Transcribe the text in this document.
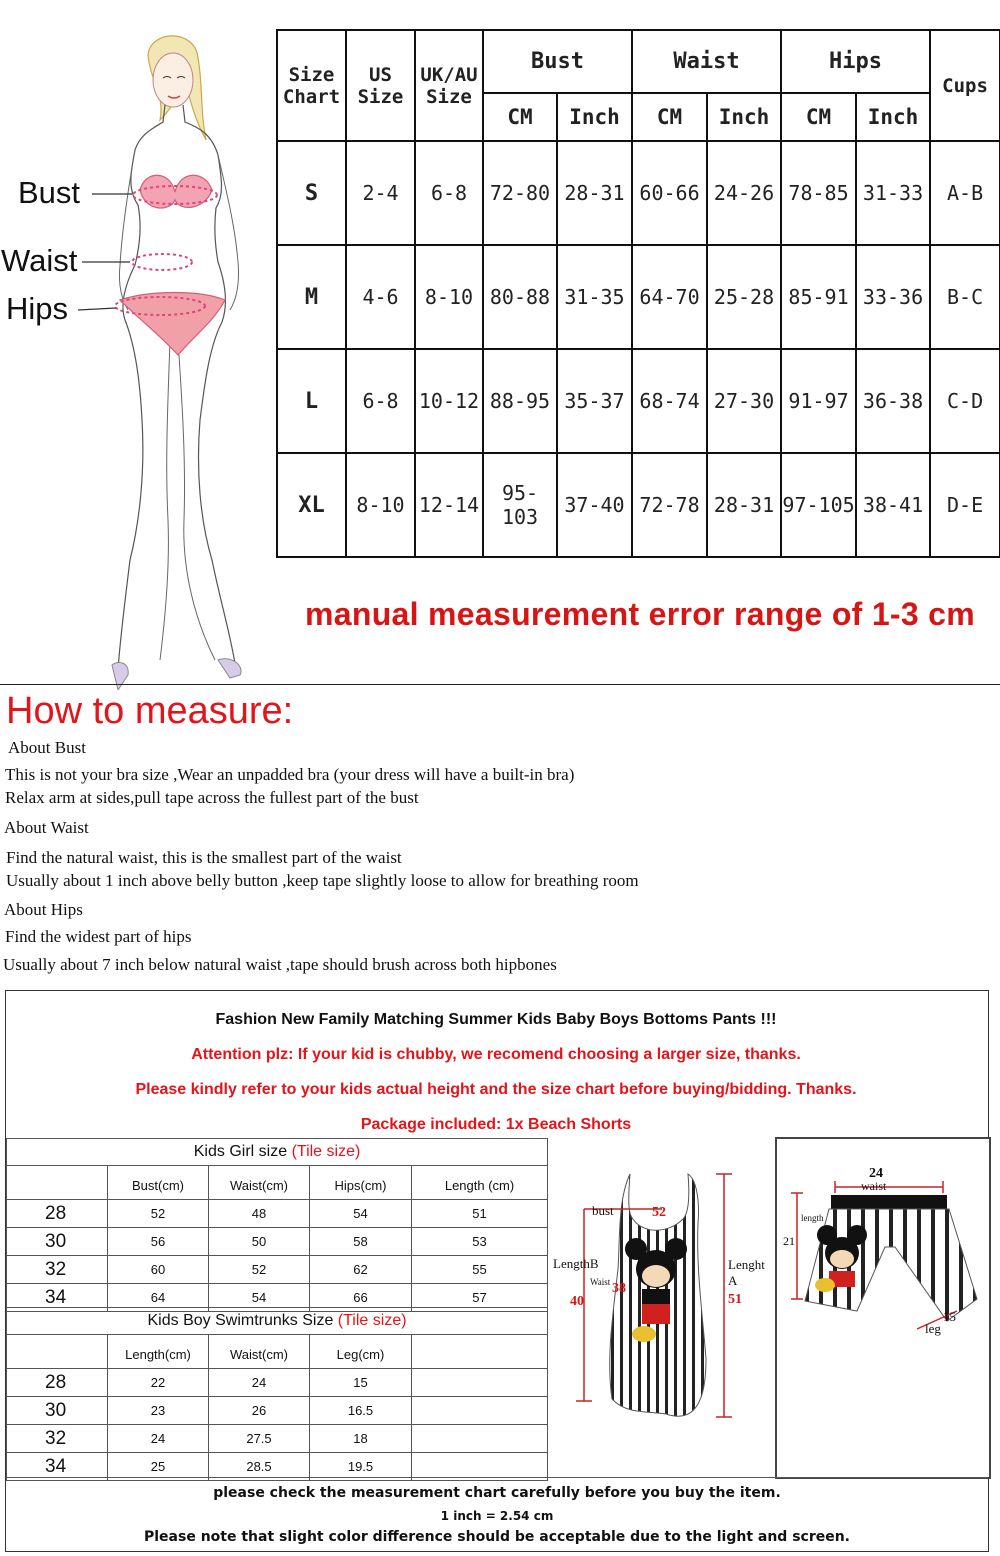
Bust
Waist
Hips
Size Chart	US Size	UK/AU Size	Bust		Waist		Hips		Cups
			CM	Inch	CM	Inch	CM	Inch	
S	2-4	6-8	72-80	28-31	60-66	24-26	78-85	31-33	A-B
M	4-6	8-10	80-88	31-35	64-70	25-28	85-91	33-36	B-C
L	6-8	10-12	88-95	35-37	68-74	27-30	91-97	36-38	C-D
XL	8-10	12-14	95-103	37-40	72-78	28-31	97-105	38-41	D-E
manual measurement error range of 1-3 cm
How to measure:
About Bust
This is not your bra size ,Wear an unpadded bra (your dress will have a built-in bra)
Relax arm at sides,pull tape across the fullest part of the bust
About Waist
Find the natural waist, this is the smallest part of the waist
Usually about 1 inch above belly button ,keep tape slightly loose to allow for breathing room
About Hips
Find the widest part of hips
Usually about 7 inch below natural waist ,tape should brush across both hipbones
Fashion New Family Matching Summer Kids Baby Boys Bottoms Pants !!!
Attention plz: If your kid is chubby, we recomend choosing a larger size, thanks.
Please kindly refer to your kids actual height and the size chart before buying/bidding. Thanks.
Package included: 1x Beach Shorts
Kids Girl size (Tile size)				
	Bust(cm)	Waist(cm)	Hips(cm)	Length (cm)
28	52	48	54	51
30	56	50	58	53
32	60	52	62	55
34	64	54	66	57
Kids Boy Swimtrunks Size (Tile size)				
	Length(cm)	Waist(cm)	Leg(cm)	
28	22	24	15	
30	23	26	16.5	
32	24	27.5	18	
34	25	28.5	19.5	
bust	52
LengthB
Waist 38
40
Lenght A
51
24
waist
length
21
15
leg
please check the measurement chart carefully before you buy the item.
1 inch = 2.54 cm
Please note that slight color difference should be acceptable due to the light and screen.
